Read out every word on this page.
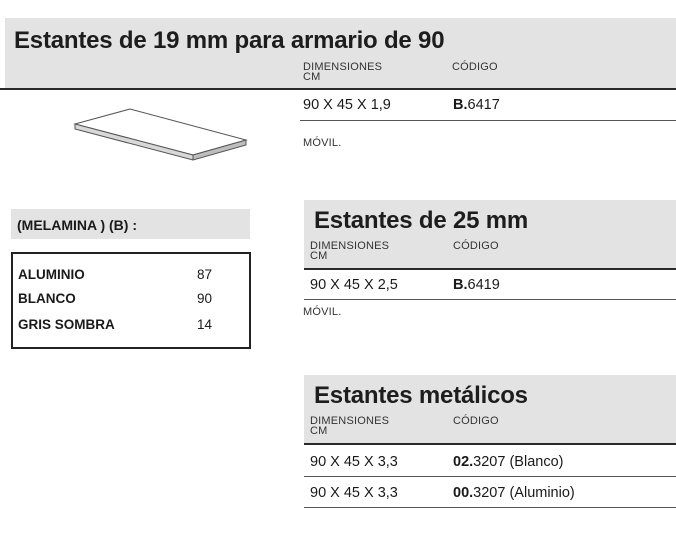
Estantes de 19 mm para armario de 90
DIMENSIONES
CM
CÓDIGO
90 X 45 X 1,9	B.6417
MÓVIL.
(MELAMINA ) (B) :
ALUMINIO	87
BLANCO	90
GRIS SOMBRA	14
Estantes de 25 mm
DIMENSIONES
CM
CÓDIGO
90 X 45 X 2,5	B.6419
MÓVIL.
Estantes metálicos
DIMENSIONES
CM
CÓDIGO
90 X 45 X 3,3	02.3207 (Blanco)
90 X 45 X 3,3	00.3207 (Aluminio)
